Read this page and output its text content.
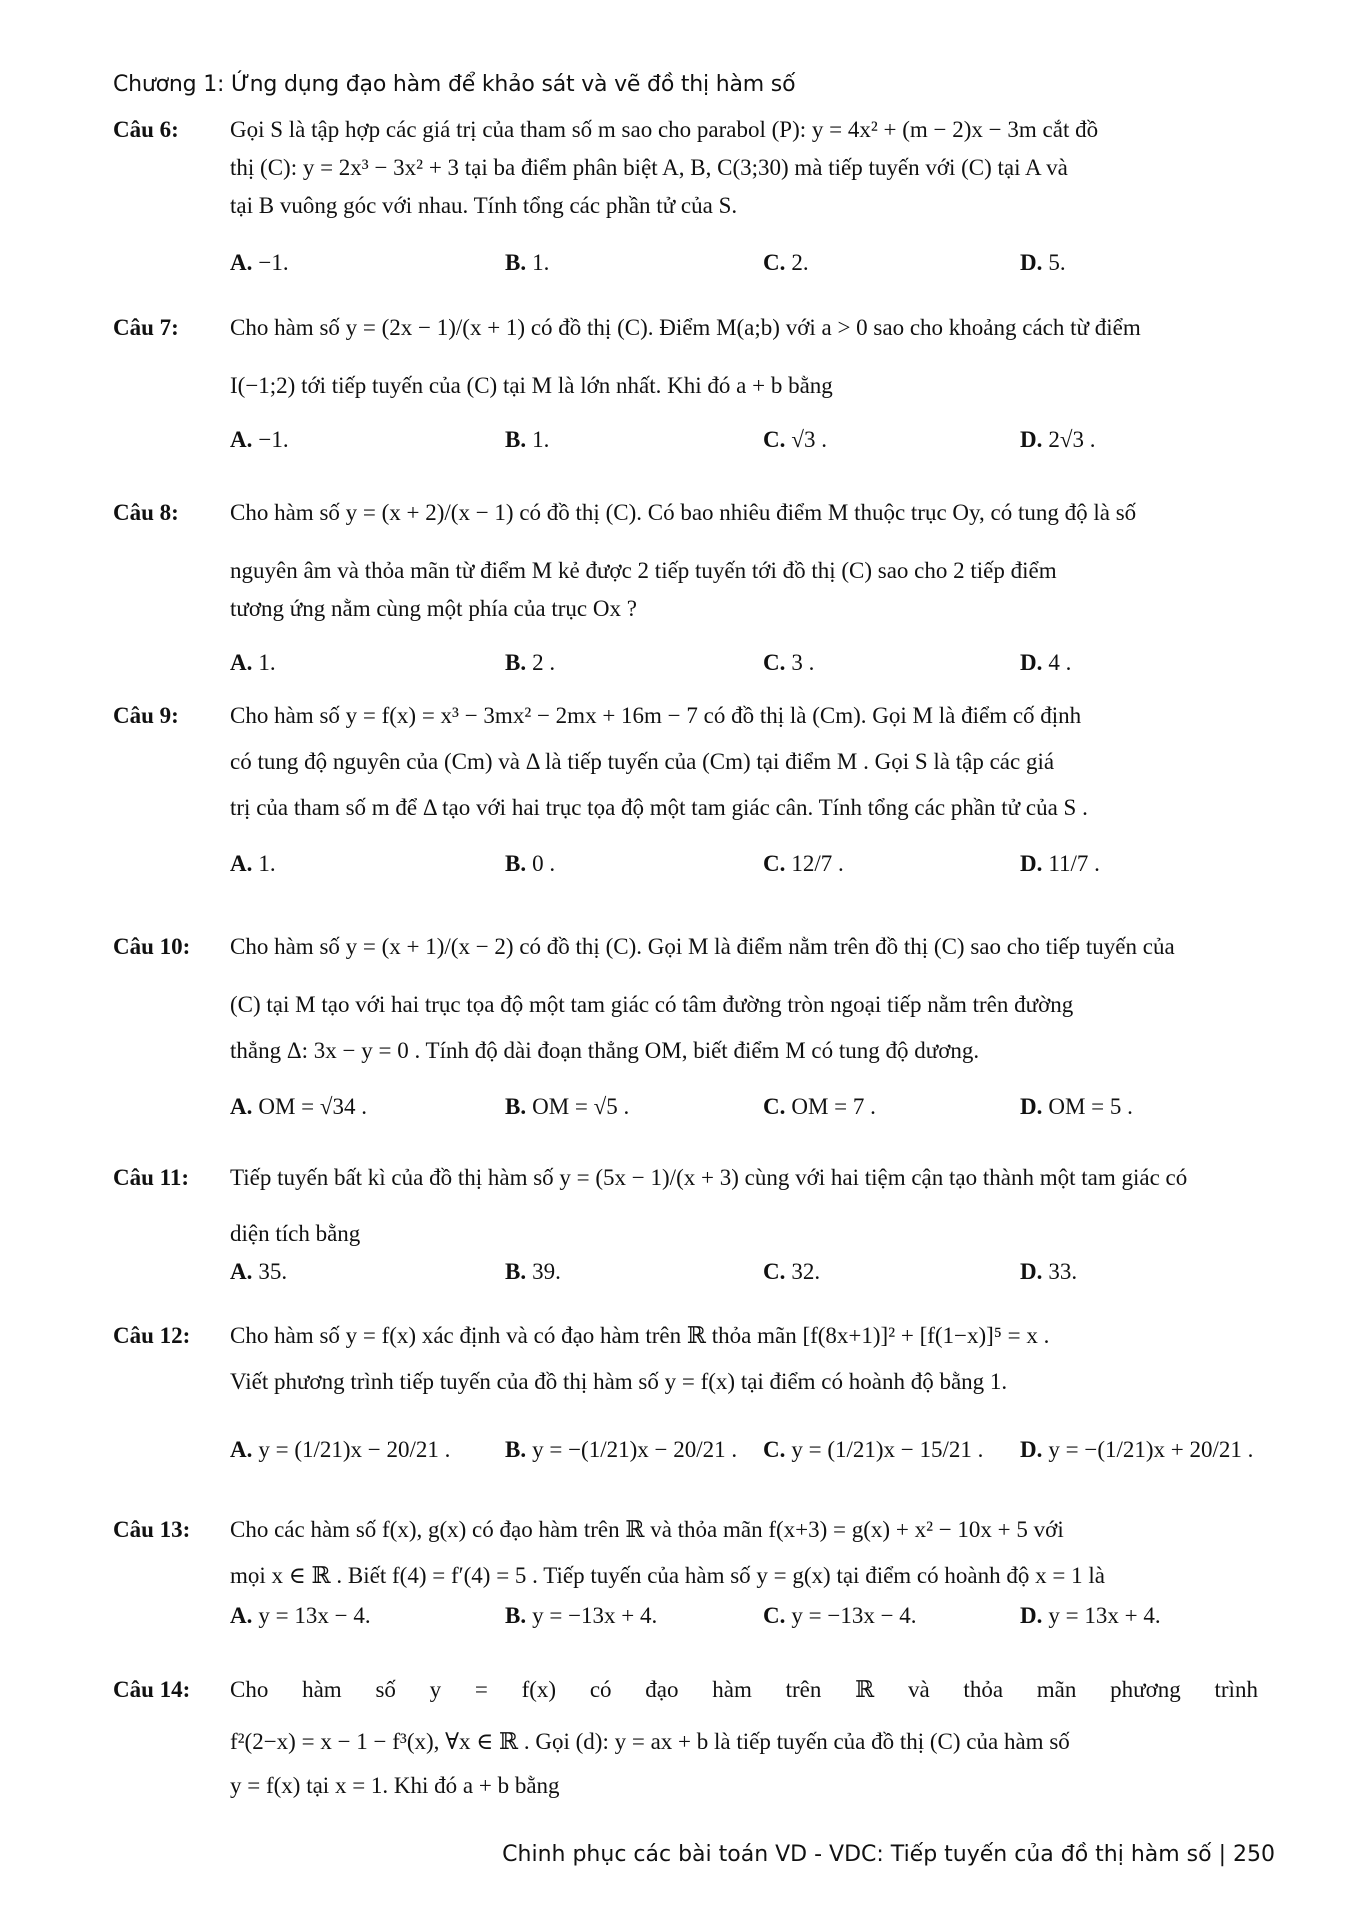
Chương 1: Ứng dụng đạo hàm để khảo sát và vẽ đồ thị hàm số
Câu 6: Gọi S là tập hợp các giá trị của tham số m sao cho parabol (P): y = 4x² + (m − 2)x − 3m cắt đồ
thị (C): y = 2x³ − 3x² + 3 tại ba điểm phân biệt A, B, C(3;30) mà tiếp tuyến với (C) tại A và
tại B vuông góc với nhau. Tính tổng các phần tử của S.
A. −1.	B. 1.	C. 2.	D. 5.
Câu 7: Cho hàm số y = (2x − 1)/(x + 1) có đồ thị (C). Điểm M(a;b) với a > 0 sao cho khoảng cách từ điểm
I(−1;2) tới tiếp tuyến của (C) tại M là lớn nhất. Khi đó a + b bằng
A. −1.	B. 1.	C. √3 .	D. 2√3 .
Câu 8: Cho hàm số y = (x + 2)/(x − 1) có đồ thị (C). Có bao nhiêu điểm M thuộc trục Oy, có tung độ là số
nguyên âm và thỏa mãn từ điểm M kẻ được 2 tiếp tuyến tới đồ thị (C) sao cho 2 tiếp điểm
tương ứng nằm cùng một phía của trục Ox ?
A. 1.	B. 2 .	C. 3 .	D. 4 .
Câu 9: Cho hàm số y = f(x) = x³ − 3mx² − 2mx + 16m − 7 có đồ thị là (Cm). Gọi M là điểm cố định
có tung độ nguyên của (Cm) và Δ là tiếp tuyến của (Cm) tại điểm M . Gọi S là tập các giá
trị của tham số m để Δ tạo với hai trục tọa độ một tam giác cân. Tính tổng các phần tử của S .
A. 1.	B. 0 .	C. 12/7 .	D. 11/7 .
Câu 10: Cho hàm số y = (x + 1)/(x − 2) có đồ thị (C). Gọi M là điểm nằm trên đồ thị (C) sao cho tiếp tuyến của
(C) tại M tạo với hai trục tọa độ một tam giác có tâm đường tròn ngoại tiếp nằm trên đường
thẳng Δ: 3x − y = 0 . Tính độ dài đoạn thẳng OM, biết điểm M có tung độ dương.
A. OM = √34 .	B. OM = √5 .	C. OM = 7 .	D. OM = 5 .
Câu 11: Tiếp tuyến bất kì của đồ thị hàm số y = (5x − 1)/(x + 3) cùng với hai tiệm cận tạo thành một tam giác có
diện tích bằng
A. 35.	B. 39.	C. 32.	D. 33.
Câu 12: Cho hàm số y = f(x) xác định và có đạo hàm trên ℝ thỏa mãn [f(8x+1)]² + [f(1−x)]⁵ = x .
Viết phương trình tiếp tuyến của đồ thị hàm số y = f(x) tại điểm có hoành độ bằng 1.
A. y = (1/21)x − 20/21 . B. y = −(1/21)x − 20/21 . C. y = (1/21)x − 15/21 . D. y = −(1/21)x + 20/21 .
Câu 13: Cho các hàm số f(x), g(x) có đạo hàm trên ℝ và thỏa mãn f(x+3) = g(x) + x² − 10x + 5 với
mọi x ∈ ℝ . Biết f(4) = f′(4) = 5 . Tiếp tuyến của hàm số y = g(x) tại điểm có hoành độ x = 1 là
A. y = 13x − 4.	B. y = −13x + 4.	C. y = −13x − 4.	D. y = 13x + 4.
Câu 14: Cho hàm số y = f(x) có đạo hàm trên ℝ và thỏa mãn phương trình
f²(2−x) = x − 1 − f³(x), ∀x ∈ ℝ . Gọi (d): y = ax + b là tiếp tuyến của đồ thị (C) của hàm số
y = f(x) tại x = 1. Khi đó a + b bằng
Chinh phục các bài toán VD - VDC: Tiếp tuyến của đồ thị hàm số | 250
